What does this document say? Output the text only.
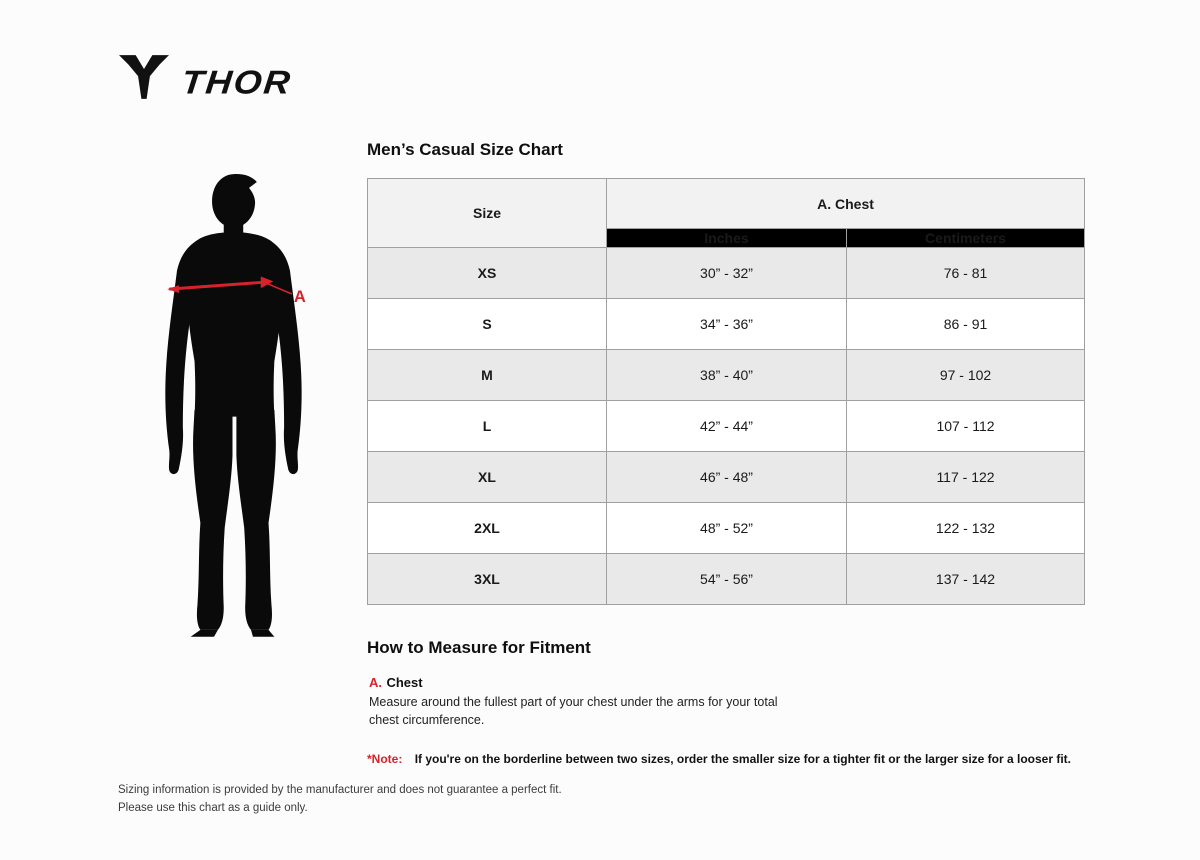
THOR
A
Men’s Casual Size Chart
Size	A. Chest	
	Inches	Centimeters
XS	30” - 32”	76 - 81
S	34” - 36”	86 - 91
M	38” - 40”	97 - 102
L	42” - 44”	107 - 112
XL	46” - 48”	117 - 122
2XL	48” - 52”	122 - 132
3XL	54” - 56”	137 - 142
How to Measure for Fitment
A. Chest
Measure around the fullest part of your chest under the arms for your total chest circumference.
*Note: If you're on the borderline between two sizes, order the smaller size for a tighter fit or the larger size for a looser fit.
Sizing information is provided by the manufacturer and does not guarantee a perfect fit.
Please use this chart as a guide only.
